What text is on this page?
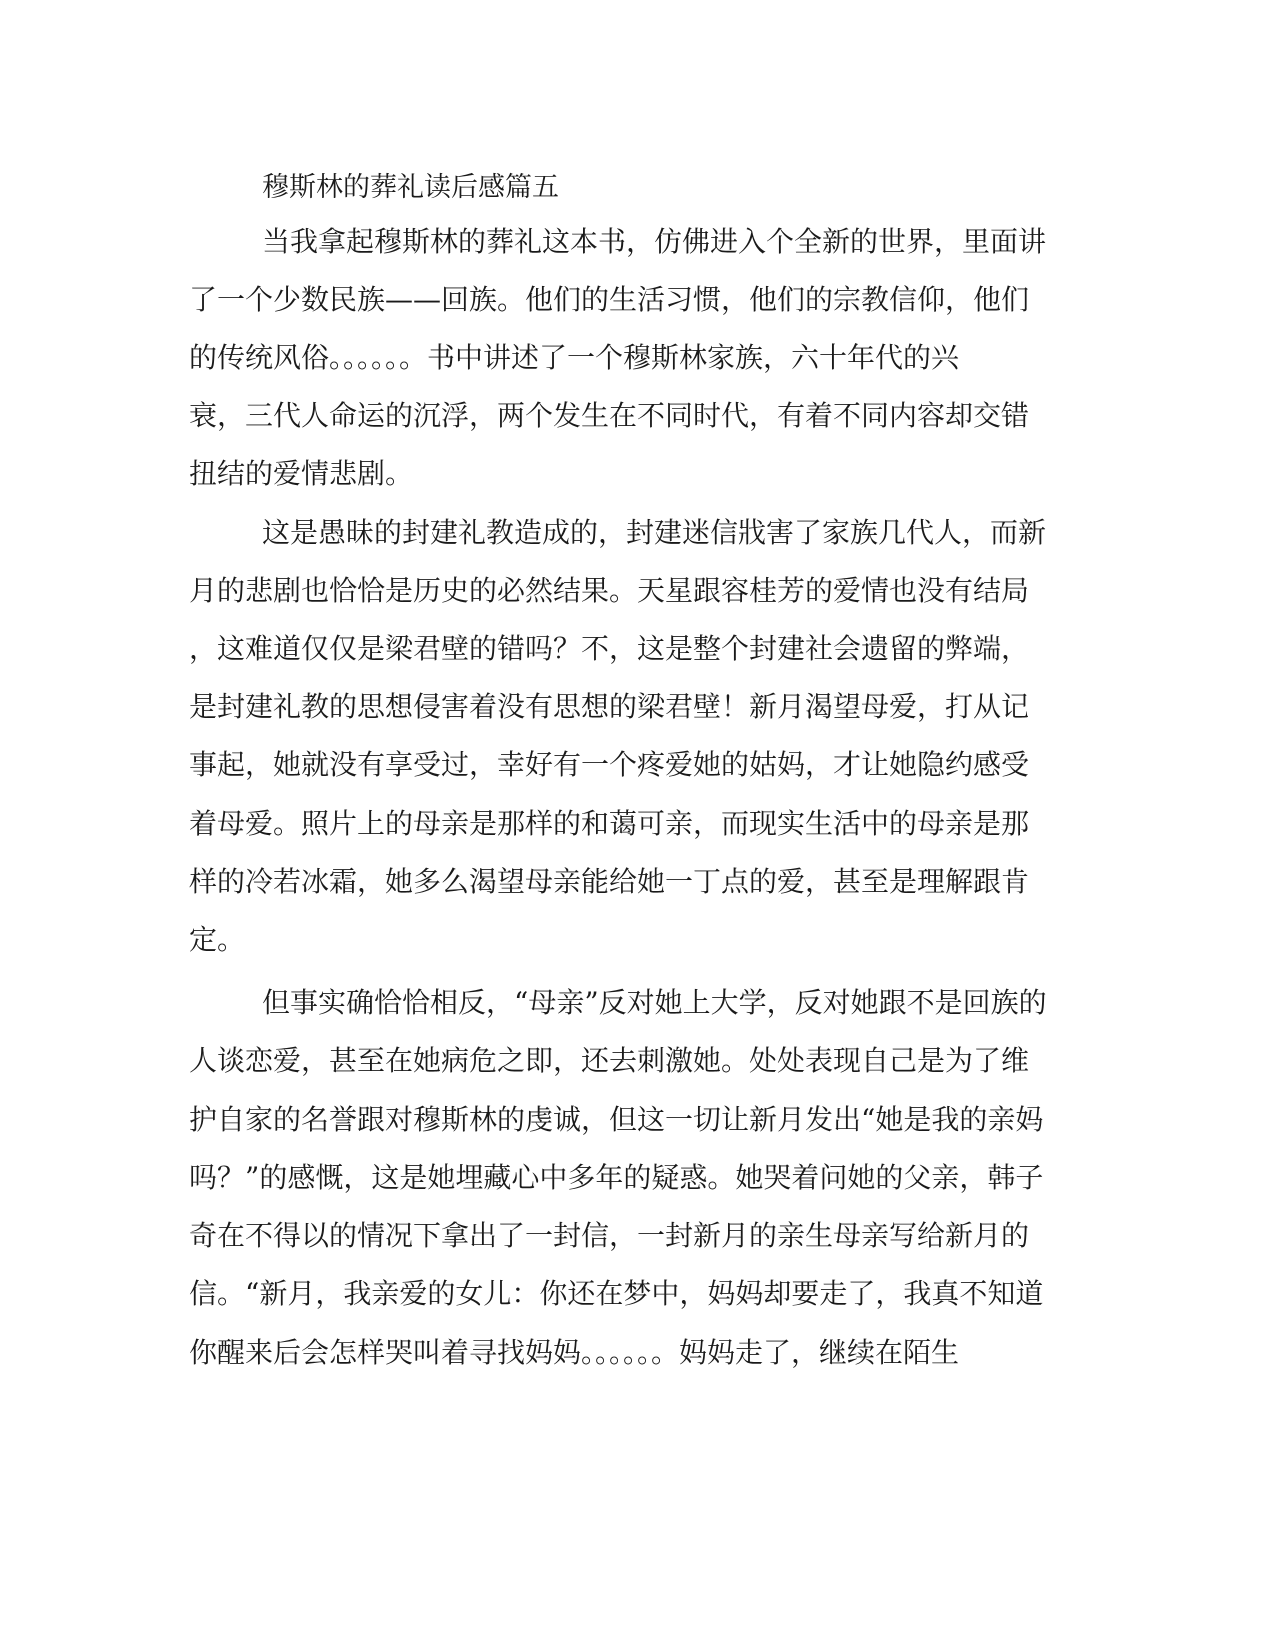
穆斯林的葬礼读后感篇五
当我拿起穆斯林的葬礼这本书，仿佛进入个全新的世界，里面讲
了一个少数民族——回族。他们的生活习惯，他们的宗教信仰，他们
的传统风俗。。。。。。书中讲述了一个穆斯林家族，六十年代的兴
衰，三代人命运的沉浮，两个发生在不同时代，有着不同内容却交错
扭结的爱情悲剧。
这是愚昧的封建礼教造成的，封建迷信戕害了家族几代人，而新
月的悲剧也恰恰是历史的必然结果。天星跟容桂芳的爱情也没有结局
，这难道仅仅是梁君壁的错吗？不，这是整个封建社会遗留的弊端，
是封建礼教的思想侵害着没有思想的梁君壁！新月渴望母爱，打从记
事起，她就没有享受过，幸好有一个疼爱她的姑妈，才让她隐约感受
着母爱。照片上的母亲是那样的和蔼可亲，而现实生活中的母亲是那
样的冷若冰霜，她多么渴望母亲能给她一丁点的爱，甚至是理解跟肯
定。
但事实确恰恰相反，“母亲”反对她上大学，反对她跟不是回族的
人谈恋爱，甚至在她病危之即，还去刺激她。处处表现自己是为了维
护自家的名誉跟对穆斯林的虔诚，但这一切让新月发出“她是我的亲妈
吗？”的感慨，这是她埋藏心中多年的疑惑。她哭着问她的父亲，韩子
奇在不得以的情况下拿出了一封信，一封新月的亲生母亲写给新月的
信。“新月，我亲爱的女儿：你还在梦中，妈妈却要走了，我真不知道
你醒来后会怎样哭叫着寻找妈妈。。。。。。妈妈走了，继续在陌生
